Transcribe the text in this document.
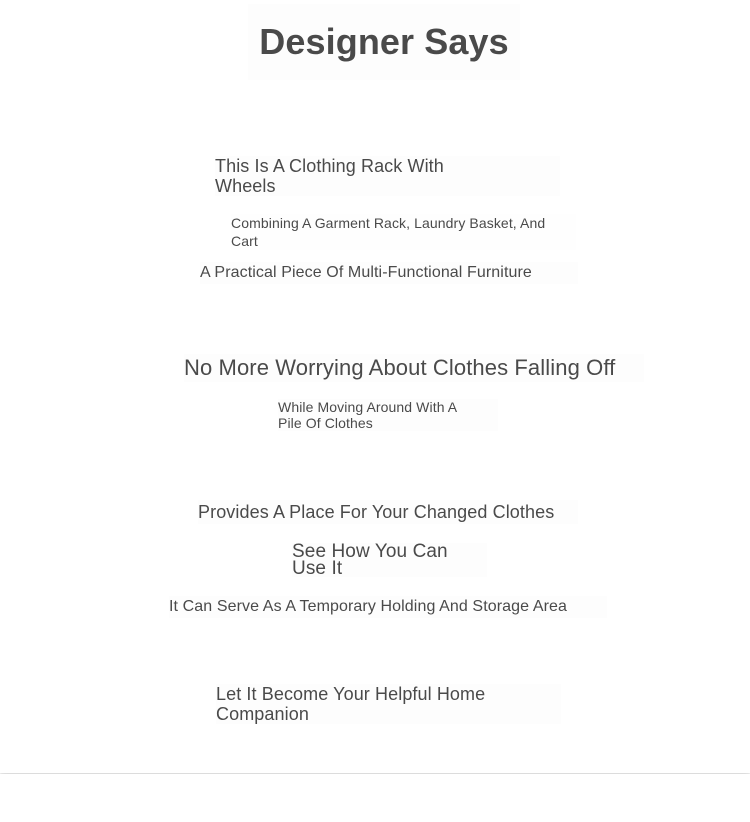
Designer Says

This Is A Clothing Rack With Wheels

Combining A Garment Rack, Laundry Basket, And Cart

A Practical Piece Of Multi-Functional Furniture

No More Worrying About Clothes Falling Off

While Moving Around With A Pile Of Clothes

Provides A Place For Your Changed Clothes

See How You Can Use It

It Can Serve As A Temporary Holding And Storage Area

Let It Become Your Helpful Home Companion
